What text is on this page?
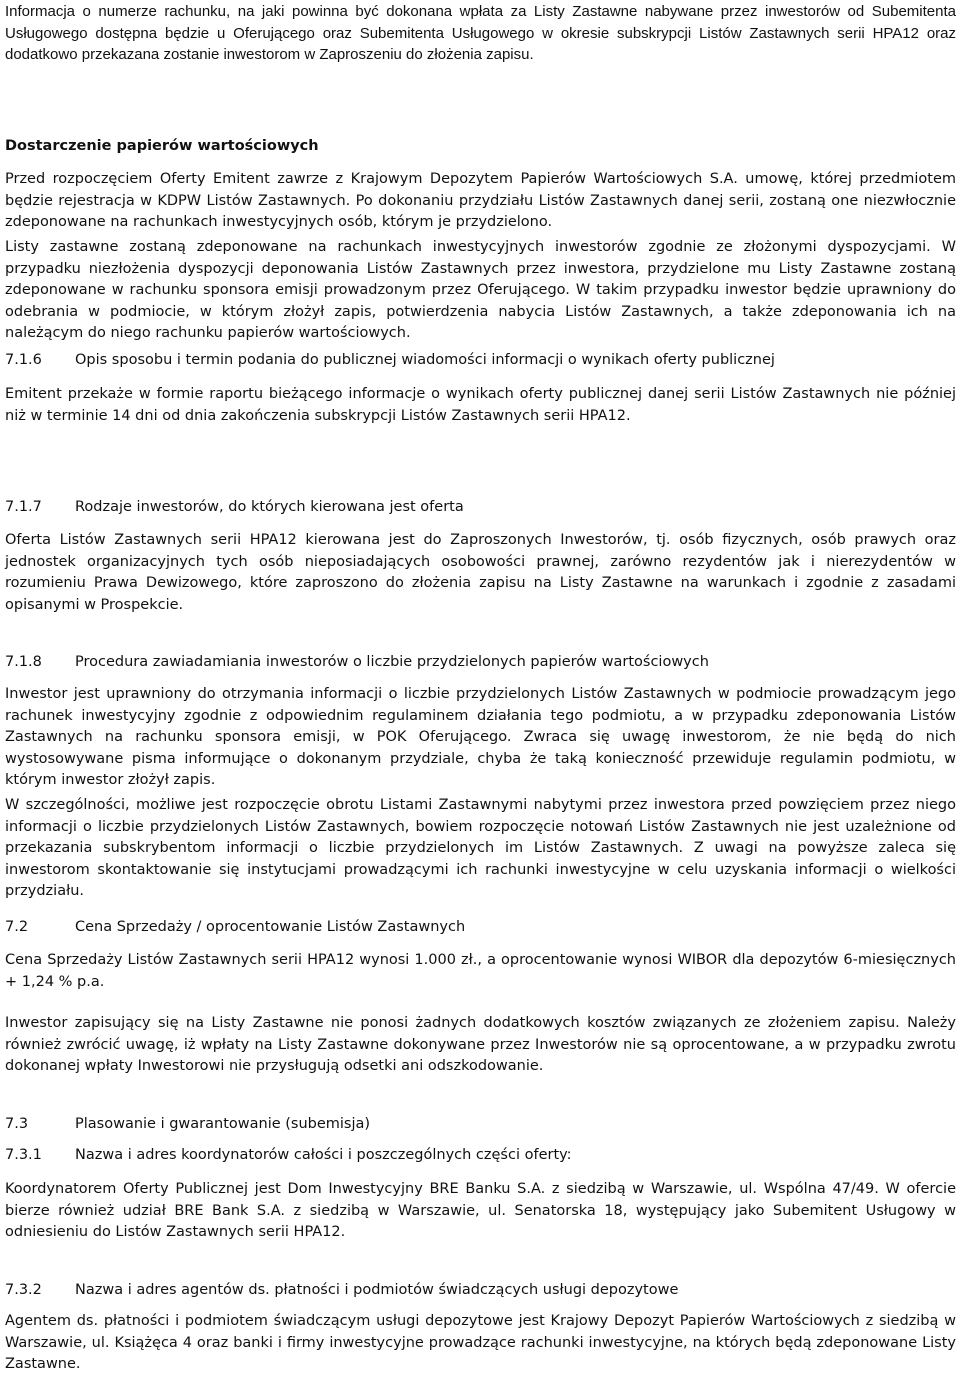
Informacja o numerze rachunku, na jaki powinna być dokonana wpłata za Listy Zastawne nabywane przez inwestorów od Subemitenta Usługowego dostępna będzie u Oferującego oraz Subemitenta Usługowego w okresie subskrypcji Listów Zastawnych serii HPA12 oraz dodatkowo przekazana zostanie inwestorom w Zaproszeniu do złożenia zapisu.

Dostarczenie papierów wartościowych

Przed rozpoczęciem Oferty Emitent zawrze z Krajowym Depozytem Papierów Wartościowych S.A. umowę, której przedmiotem będzie rejestracja w KDPW Listów Zastawnych. Po dokonaniu przydziału Listów Zastawnych danej serii, zostaną one niezwłocznie zdeponowane na rachunkach inwestycyjnych osób, którym je przydzielono.

Listy zastawne zostaną zdeponowane na rachunkach inwestycyjnych inwestorów zgodnie ze złożonymi dyspozycjami. W przypadku niezłożenia dyspozycji deponowania Listów Zastawnych przez inwestora, przydzielone mu Listy Zastawne zostaną zdeponowane w rachunku sponsora emisji prowadzonym przez Oferującego. W takim przypadku inwestor będzie uprawniony do odebrania w podmiocie, w którym złożył zapis, potwierdzenia nabycia Listów Zastawnych, a także zdeponowania ich na należącym do niego rachunku papierów wartościowych.

7.1.6 Opis sposobu i termin podania do publicznej wiadomości informacji o wynikach oferty publicznej

Emitent przekaże w formie raportu bieżącego informacje o wynikach oferty publicznej danej serii Listów Zastawnych nie później niż w terminie 14 dni od dnia zakończenia subskrypcji Listów Zastawnych serii HPA12.

7.1.7 Rodzaje inwestorów, do których kierowana jest oferta

Oferta Listów Zastawnych serii HPA12 kierowana jest do Zaproszonych Inwestorów, tj. osób fizycznych, osób prawych oraz jednostek organizacyjnych tych osób nieposiadających osobowości prawnej, zarówno rezydentów jak i nierezydentów w rozumieniu Prawa Dewizowego, które zaproszono do złożenia zapisu na Listy Zastawne na warunkach i zgodnie z zasadami opisanymi w Prospekcie.

7.1.8 Procedura zawiadamiania inwestorów o liczbie przydzielonych papierów wartościowych

Inwestor jest uprawniony do otrzymania informacji o liczbie przydzielonych Listów Zastawnych w podmiocie prowadzącym jego rachunek inwestycyjny zgodnie z odpowiednim regulaminem działania tego podmiotu, a w przypadku zdeponowania Listów Zastawnych na rachunku sponsora emisji, w POK Oferującego. Zwraca się uwagę inwestorom, że nie będą do nich wystosowywane pisma informujące o dokonanym przydziale, chyba że taką konieczność przewiduje regulamin podmiotu, w którym inwestor złożył zapis.

W szczególności, możliwe jest rozpoczęcie obrotu Listami Zastawnymi nabytymi przez inwestora przed powzięciem przez niego informacji o liczbie przydzielonych Listów Zastawnych, bowiem rozpoczęcie notowań Listów Zastawnych nie jest uzależnione od przekazania subskrybentom informacji o liczbie przydzielonych im Listów Zastawnych. Z uwagi na powyższe zaleca się inwestorom skontaktowanie się instytucjami prowadzącymi ich rachunki inwestycyjne w celu uzyskania informacji o wielkości przydziału.

7.2	Cena Sprzedaży / oprocentowanie Listów Zastawnych

Cena Sprzedaży Listów Zastawnych serii HPA12 wynosi 1.000 zł., a oprocentowanie wynosi WIBOR dla depozytów 6-miesięcznych + 1,24 % p.a.

Inwestor zapisujący się na Listy Zastawne nie ponosi żadnych dodatkowych kosztów związanych ze złożeniem zapisu. Należy również zwrócić uwagę, iż wpłaty na Listy Zastawne dokonywane przez Inwestorów nie są oprocentowane, a w przypadku zwrotu dokonanej wpłaty Inwestorowi nie przysługują odsetki ani odszkodowanie.

7.3	Plasowanie i gwarantowanie (subemisja)

7.3.1 Nazwa i adres koordynatorów całości i poszczególnych części oferty:

Koordynatorem Oferty Publicznej jest Dom Inwestycyjny BRE Banku S.A. z siedzibą w Warszawie, ul. Wspólna 47/49. W ofercie bierze również udział BRE Bank S.A. z siedzibą w Warszawie, ul. Senatorska 18, występujący jako Subemitent Usługowy w odniesieniu do Listów Zastawnych serii HPA12.

7.3.2 Nazwa i adres agentów ds. płatności i podmiotów świadczących usługi depozytowe

Agentem ds. płatności i podmiotem świadczącym usługi depozytowe jest Krajowy Depozyt Papierów Wartościowych z siedzibą w Warszawie, ul. Książęca 4 oraz banki i firmy inwestycyjne prowadzące rachunki inwestycyjne, na których będą zdeponowane Listy Zastawne.
